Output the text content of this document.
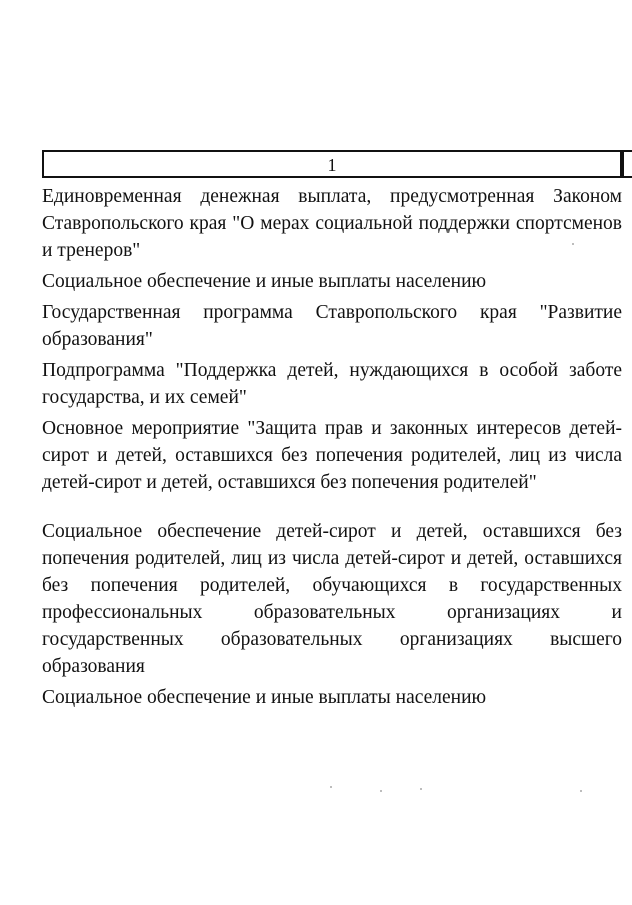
1

Единовременная денежная выплата, предусмотренная Законом Ставропольского края "О мерах социальной поддержки спортсменов и тренеров"

Социальное обеспечение и иные выплаты населению

Государственная программа Ставропольского края "Развитие образования"

Подпрограмма "Поддержка детей, нуждающихся в особой заботе государства, и их семей"

Основное мероприятие "Защита прав и законных интересов детей-сирот и детей, оставшихся без попечения родителей, лиц из числа детей-сирот и детей, оставшихся без попечения родителей"

Социальное обеспечение детей-сирот и детей, оставшихся без попечения родителей, лиц из числа детей-сирот и детей, оставшихся без попечения родителей, обучающихся в государственных профессиональных образовательных организациях и государственных образовательных организациях высшего образования

Социальное обеспечение и иные выплаты населению
